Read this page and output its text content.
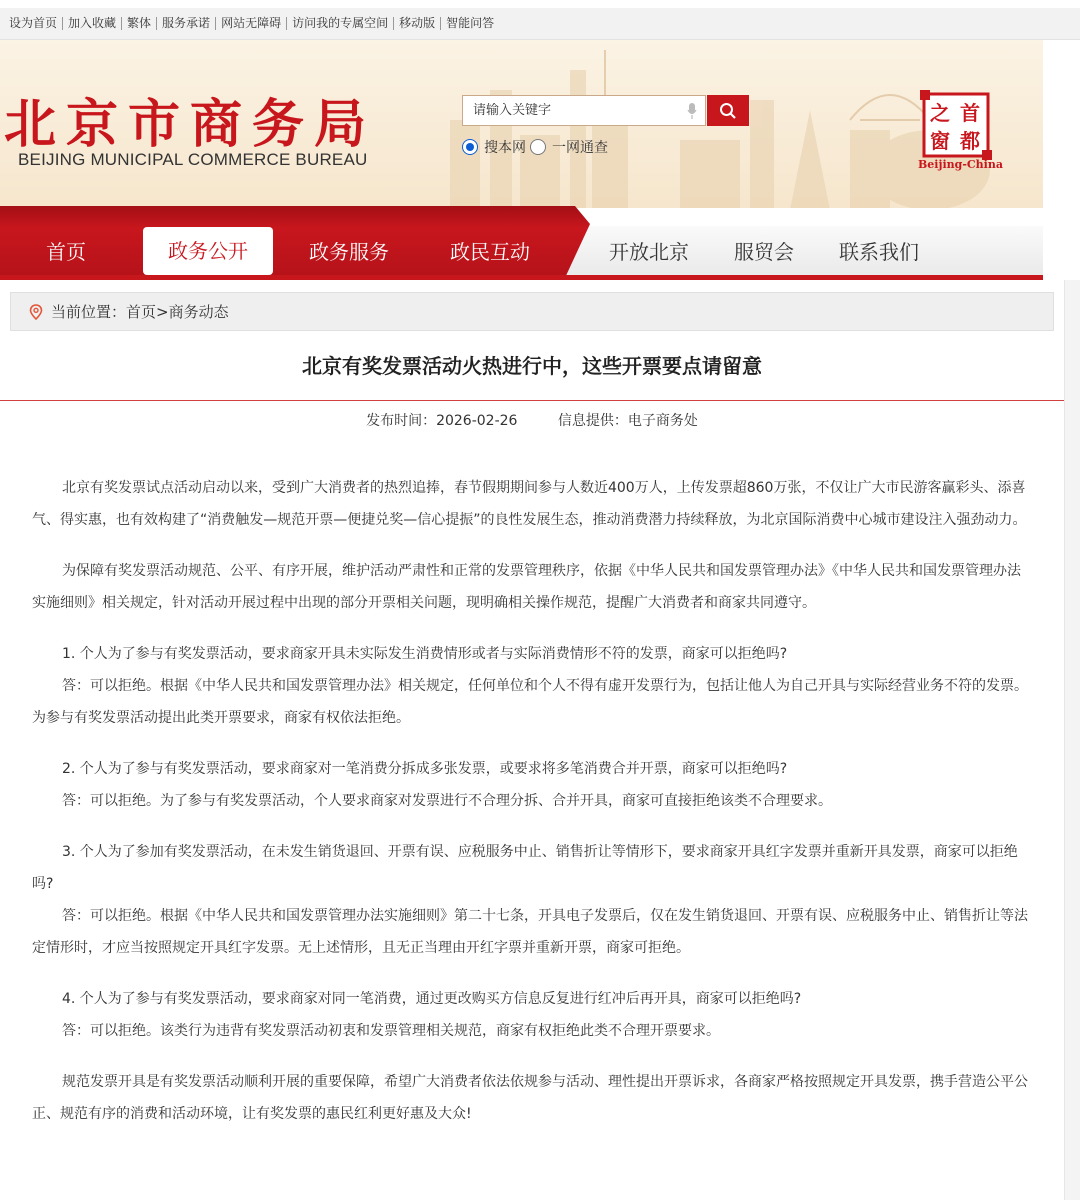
设为首页 加入收藏 繁体 服务承诺 网站无障碍 访问我的专属空间 移动版 智能问答
北京市商务局
BEIJING MUNICIPAL COMMERCE BUREAU
请输入关键字
搜本网 一网通查
之 首
窗 都
Beijing-China
首页	政务公开	政务服务	政民互动	开放北京	服贸会	联系我们
当前位置：首页>商务动态
北京有奖发票活动火热进行中，这些开票要点请留意
发布时间：2026-02-26	信息提供：电子商务处

北京有奖发票试点活动启动以来，受到广大消费者的热烈追捧，春节假期期间参与人数近400万人，上传发票超860万张，不仅让广大市民游客赢彩头、添喜气、得实惠，也有效构建了“消费触发—规范开票—便捷兑奖—信心提振”的良性发展生态，推动消费潜力持续释放，为北京国际消费中心城市建设注入强劲动力。

为保障有奖发票活动规范、公平、有序开展，维护活动严肃性和正常的发票管理秩序，依据《中华人民共和国发票管理办法》《中华人民共和国发票管理办法实施细则》相关规定，针对活动开展过程中出现的部分开票相关问题，现明确相关操作规范，提醒广大消费者和商家共同遵守。

1. 个人为了参与有奖发票活动，要求商家开具未实际发生消费情形或者与实际消费情形不符的发票，商家可以拒绝吗?

答：可以拒绝。根据《中华人民共和国发票管理办法》相关规定，任何单位和个人不得有虚开发票行为，包括让他人为自己开具与实际经营业务不符的发票。为参与有奖发票活动提出此类开票要求，商家有权依法拒绝。

2. 个人为了参与有奖发票活动，要求商家对一笔消费分拆成多张发票，或要求将多笔消费合并开票，商家可以拒绝吗?

答：可以拒绝。为了参与有奖发票活动，个人要求商家对发票进行不合理分拆、合并开具，商家可直接拒绝该类不合理要求。

3. 个人为了参加有奖发票活动，在未发生销货退回、开票有误、应税服务中止、销售折让等情形下，要求商家开具红字发票并重新开具发票，商家可以拒绝吗?

答：可以拒绝。根据《中华人民共和国发票管理办法实施细则》第二十七条，开具电子发票后，仅在发生销货退回、开票有误、应税服务中止、销售折让等法定情形时，才应当按照规定开具红字发票。无上述情形，且无正当理由开红字票并重新开票，商家可拒绝。

4. 个人为了参与有奖发票活动，要求商家对同一笔消费，通过更改购买方信息反复进行红冲后再开具，商家可以拒绝吗?

答：可以拒绝。该类行为违背有奖发票活动初衷和发票管理相关规范，商家有权拒绝此类不合理开票要求。

规范发票开具是有奖发票活动顺利开展的重要保障，希望广大消费者依法依规参与活动、理性提出开票诉求，各商家严格按照规定开具发票，携手营造公平公正、规范有序的消费和活动环境，让有奖发票的惠民红利更好惠及大众!
